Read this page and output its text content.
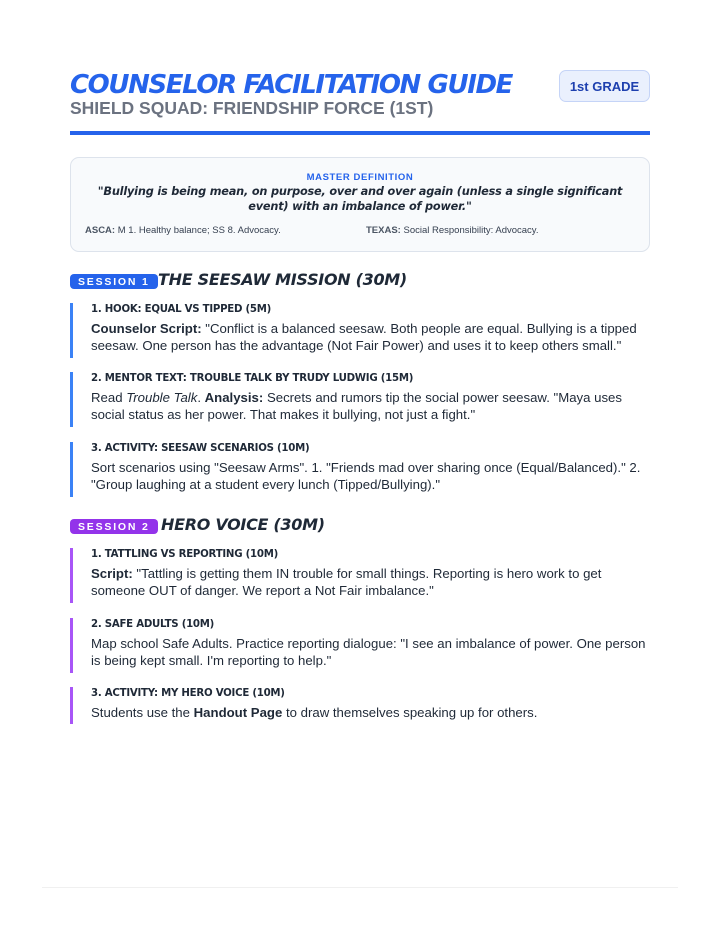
COUNSELOR FACILITATION GUIDE
SHIELD SQUAD: FRIENDSHIP FORCE (1ST)
1st GRADE
MASTER DEFINITION
"Bullying is being mean, on purpose, over and over again (unless a single significant event) with an imbalance of power."
ASCA: M 1. Healthy balance; SS 8. Advocacy.	TEXAS: Social Responsibility: Advocacy.
SESSION 1 THE SEESAW MISSION (30M)

1. HOOK: EQUAL VS TIPPED (5M)

Counselor Script: "Conflict is a balanced seesaw. Both people are equal. Bullying is a tipped seesaw. One person has the advantage (Not Fair Power) and uses it to keep others small."

2. MENTOR TEXT: TROUBLE TALK BY TRUDY LUDWIG (15M)

Read Trouble Talk. Analysis: Secrets and rumors tip the social power seesaw. "Maya uses social status as her power. That makes it bullying, not just a fight."

3. ACTIVITY: SEESAW SCENARIOS (10M)

Sort scenarios using "Seesaw Arms". 1. "Friends mad over sharing once (Equal/Balanced)." 2. "Group laughing at a student every lunch (Tipped/Bullying)."

SESSION 2 HERO VOICE (30M)

1. TATTLING VS REPORTING (10M)

Script: "Tattling is getting them IN trouble for small things. Reporting is hero work to get someone OUT of danger. We report a Not Fair imbalance."

2. SAFE ADULTS (10M)

Map school Safe Adults. Practice reporting dialogue: "I see an imbalance of power. One person is being kept small. I'm reporting to help."

3. ACTIVITY: MY HERO VOICE (10M)

Students use the Handout Page to draw themselves speaking up for others.
